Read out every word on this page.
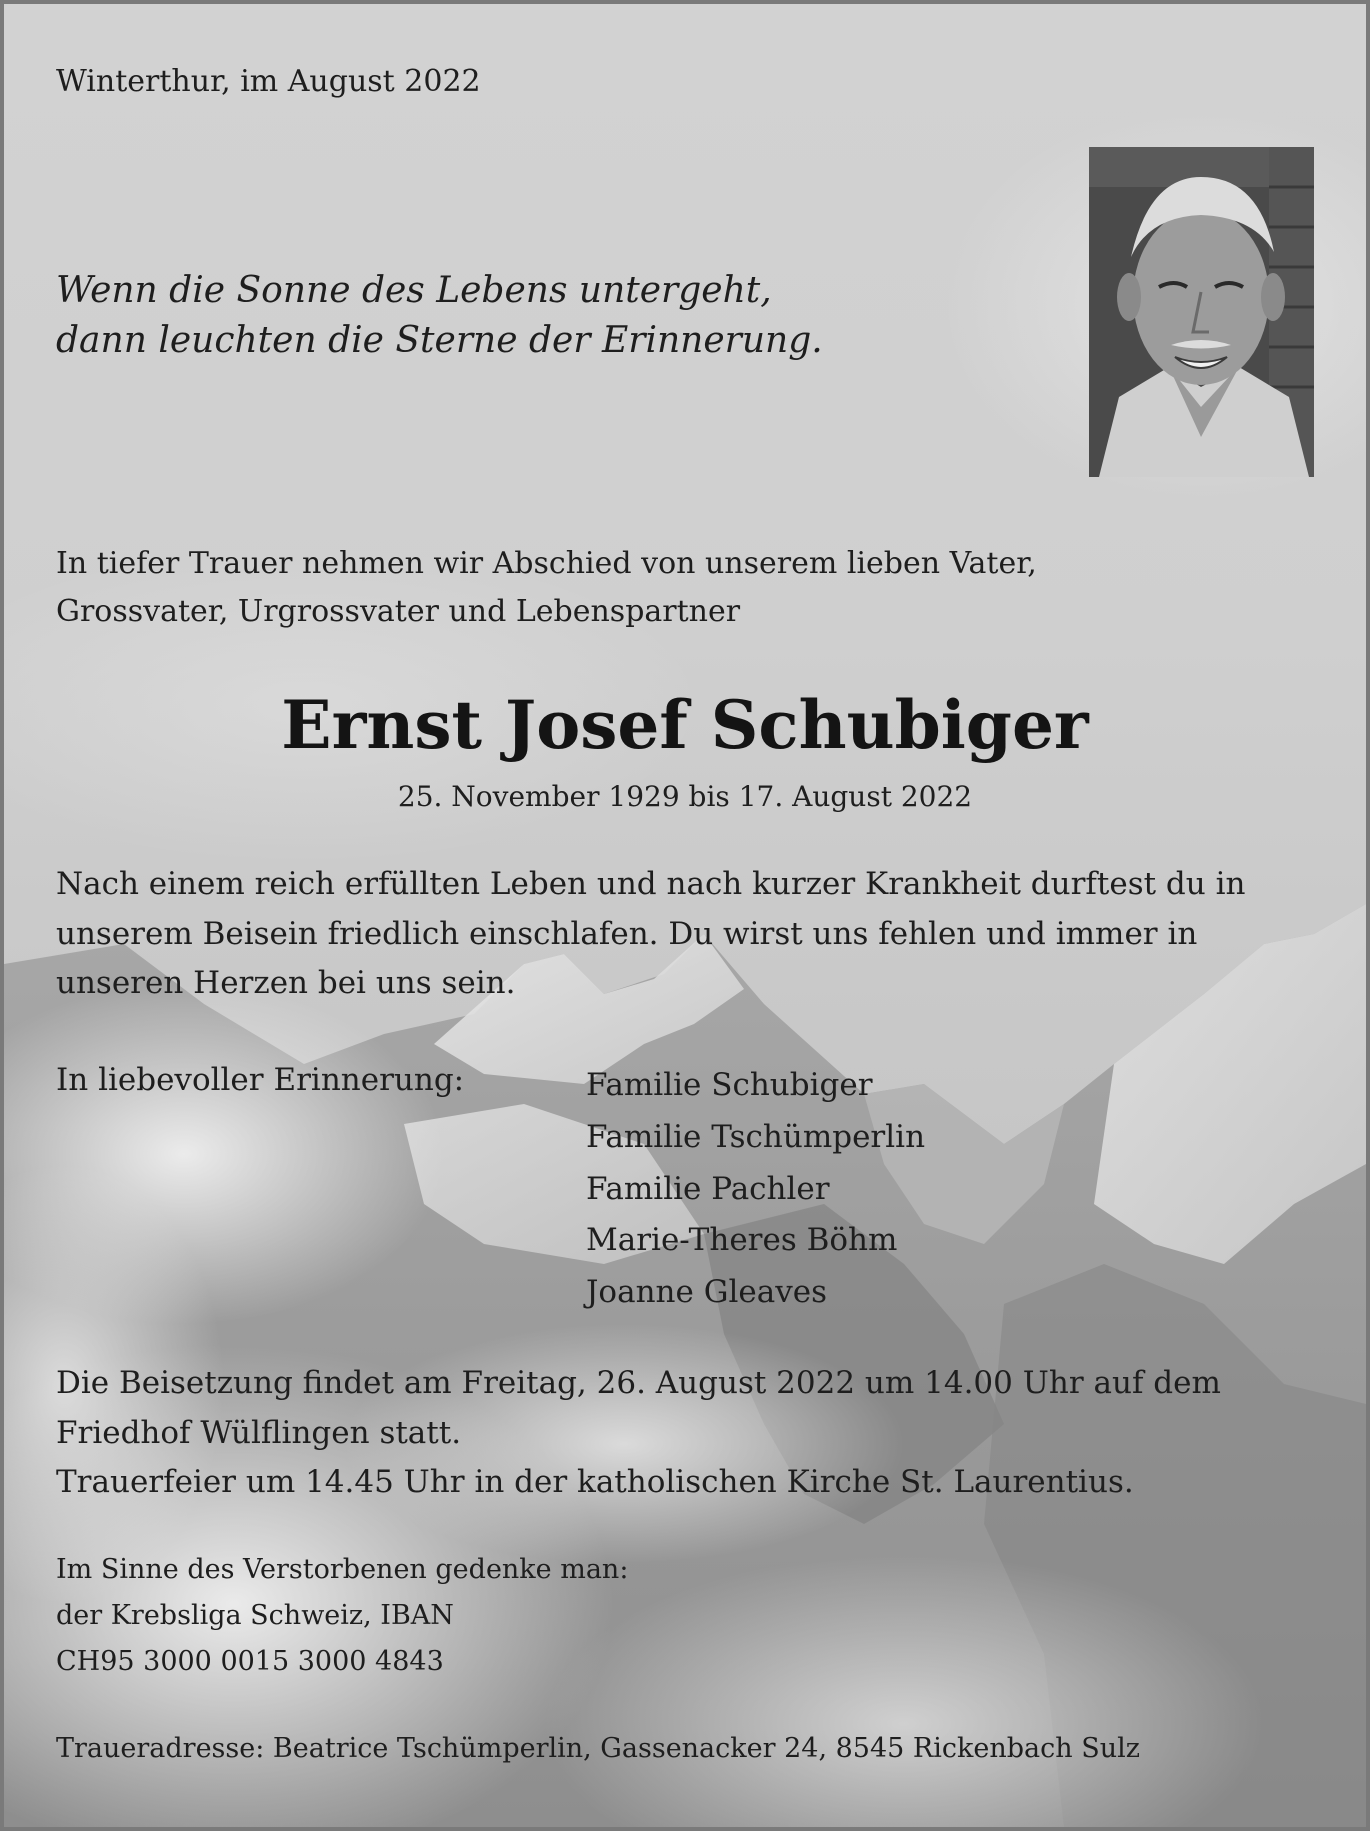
Winterthur, im August 2022

Wenn die Sonne des Lebens untergeht,
dann leuchten die Sterne der Erinnerung.

In tiefer Trauer nehmen wir Abschied von unserem lieben Vater, Grossvater, Urgrossvater und Lebenspartner

Ernst Josef Schubiger

25. November 1929 bis 17. August 2022

Nach einem reich erfüllten Leben und nach kurzer Krankheit durftest du in unserem Beisein friedlich einschlafen. Du wirst uns fehlen und immer in unseren Herzen bei uns sein.

In liebevoller Erinnerung:	Familie Schubiger
Familie Tschümperlin
Familie Pachler
Marie-Theres Böhm
Joanne Gleaves

Die Beisetzung findet am Freitag, 26. August 2022 um 14.00 Uhr auf dem Friedhof Wülflingen statt.
Trauerfeier um 14.45 Uhr in der katholischen Kirche St. Laurentius.

Im Sinne des Verstorbenen gedenke man:
der Krebsliga Schweiz, IBAN
CH95 3000 0015 3000 4843

Traueradresse: Beatrice Tschümperlin, Gassenacker 24, 8545 Rickenbach Sulz
